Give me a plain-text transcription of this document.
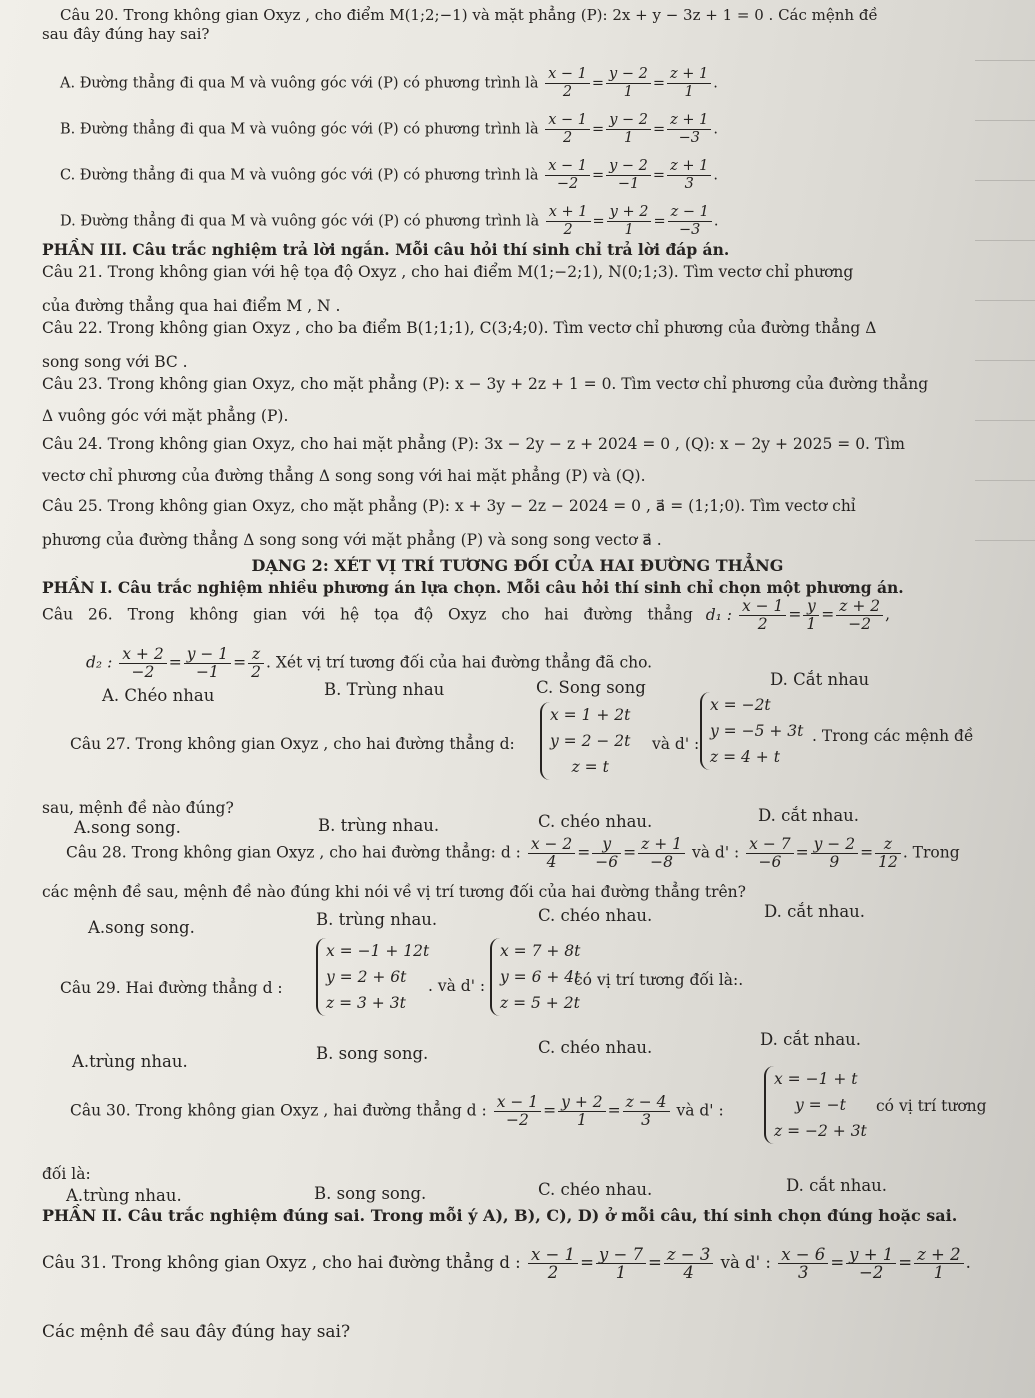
Câu 20. Trong không gian Oxyz , cho điểm M(1;2;−1) và mặt phẳng (P): 2x + y − 3z + 1 = 0 . Các mệnh đề
sau đây đúng hay sai?
A. Đường thẳng đi qua M và vuông góc với (P) có phương trình là $\frac{x - 1}{2} = \frac{y - 2}{1} = \frac{z + 1}{1}$ .
B. Đường thẳng đi qua M và vuông góc với (P) có phương trình là $\frac{x - 1}{2} = \frac{y - 2}{1} = \frac{z + 1}{-3}$ .
C. Đường thẳng đi qua M và vuông góc với (P) có phương trình là $\frac{x - 1}{-2} = \frac{y - 2}{-1} = \frac{z + 1}{3}$ .
D. Đường thẳng đi qua M và vuông góc với (P) có phương trình là $\frac{x + 1}{2} = \frac{y + 2}{1} = \frac{z - 1}{-3}$ .
PHẦN III. Câu trắc nghiệm trả lời ngắn. Mỗi câu hỏi thí sinh chỉ trả lời đáp án.
Câu 21. Trong không gian với hệ tọa độ Oxyz , cho hai điểm M(1;−2;1), N(0;1;3). Tìm vectơ chỉ phương
của đường thẳng qua hai điểm M , N .
Câu 22. Trong không gian Oxyz , cho ba điểm B(1;1;1), C(3;4;0). Tìm vectơ chỉ phương của đường thẳng Δ
song song với BC .
Câu 23. Trong không gian Oxyz, cho mặt phẳng (P): x − 3y + 2z + 1 = 0. Tìm vectơ chỉ phương của đường thẳng
Δ vuông góc với mặt phẳng (P).
Câu 24. Trong không gian Oxyz, cho hai mặt phẳng (P): 3x − 2y − z + 2024 = 0 , (Q): x − 2y + 2025 = 0. Tìm
vectơ chỉ phương của đường thẳng Δ song song với hai mặt phẳng (P) và (Q).
Câu 25. Trong không gian Oxyz, cho mặt phẳng (P): x + 3y − 2z − 2024 = 0 , a⃗ = (1;1;0). Tìm vectơ chỉ
phương của đường thẳng Δ song song với mặt phẳng (P) và song song vectơ a⃗ .
DẠNG 2: XÉT VỊ TRÍ TƯƠNG ĐỐI CỦA HAI ĐƯỜNG THẲNG
PHẦN I. Câu trắc nghiệm nhiều phương án lựa chọn. Mỗi câu hỏi thí sinh chỉ chọn một phương án.
Câu 26. Trong không gian với hệ tọa độ Oxyz cho hai đường thẳng d₁ : $\frac{x - 1}{2} = \frac{y}{1} = \frac{z + 2}{-2}$ ,
d₂ : $\frac{x + 2}{-2} = \frac{y - 1}{-1} = \frac{z}{2}$ . Xét vị trí tương đối của hai đường thẳng đã cho.
A. Chéo nhau	B. Trùng nhau	C. Song song	D. Cắt nhau
Câu 27. Trong không gian Oxyz , cho hai đường thẳng d:
x = 1 + 2t
y = 2 − 2t
z = t
và d' :
x = −2t
y = −5 + 3t
z = 4 + t
. Trong các mệnh đề
sau, mệnh đề nào đúng?
A.song song.	B. trùng nhau.	C. chéo nhau.	D. cắt nhau.
Câu 28. Trong không gian Oxyz , cho hai đường thẳng: d : $\frac{x - 2}{4} = \frac{y}{-6} = \frac{z + 1}{-8}$ và d' : $\frac{x - 7}{-6} = \frac{y - 2}{9} = \frac{z}{12}$ . Trong
các mệnh đề sau, mệnh đề nào đúng khi nói về vị trí tương đối của hai đường thẳng trên?
A.song song.	B. trùng nhau.	C. chéo nhau.	D. cắt nhau.
Câu 29. Hai đường thẳng d :
x = −1 + 12t
y = 2 + 6t
z = 3 + 3t
. và d' :
x = 7 + 8t
y = 6 + 4t
z = 5 + 2t
có vị trí tương đối là:.
A.trùng nhau.	B. song song.	C. chéo nhau.	D. cắt nhau.
Câu 30. Trong không gian Oxyz , hai đường thẳng d : $\frac{x - 1}{-2} = \frac{y + 2}{1} = \frac{z - 4}{3}$ và d' :
x = −1 + t
y = −t
z = −2 + 3t
có vị trí tương
đối là:
A.trùng nhau.	B. song song.	C. chéo nhau.	D. cắt nhau.
PHẦN II. Câu trắc nghiệm đúng sai. Trong mỗi ý A), B), C), D) ở mỗi câu, thí sinh chọn đúng hoặc sai.
Câu 31. Trong không gian Oxyz , cho hai đường thẳng d : $\frac{x - 1}{2} = \frac{y - 7}{1} = \frac{z - 3}{4}$ và d' : $\frac{x - 6}{3} = \frac{y + 1}{-2} = \frac{z + 2}{1}$ .
Các mệnh đề sau đây đúng hay sai?
